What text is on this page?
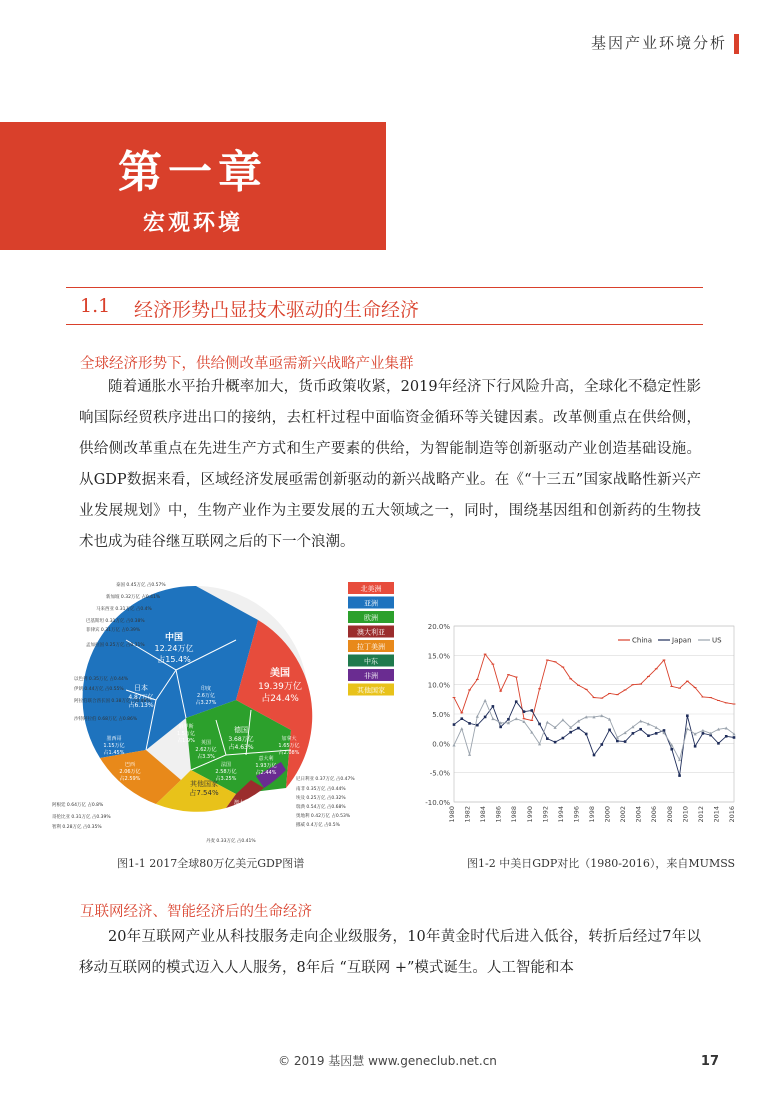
基因产业环境分析
第一章
宏观环境
1.1 经济形势凸显技术驱动的生命经济
全球经济形势下，供给侧改革亟需新兴战略产业集群

随着通胀水平抬升概率加大，货币政策收紧，2019年经济下行风险升高，全球化不稳定性影响国际经贸秩序进出口的接纳，去杠杆过程中面临资金循环等关键因素。改革侧重点在供给侧，供给侧改革重点在先进生产方式和生产要素的供给，为智能制造等创新驱动产业创造基础设施。从GDP数据来看，区域经济发展亟需创新驱动的新兴战略产业。在《“十三五”国家战略性新兴产业发展规划》中，生物产业作为主要发展的五大领域之一，同时，围绕基因组和创新药的生物技术也成为硅谷继互联网之后的下一个浪潮。

中国
12.24万亿
占15.4%
美国
19.39万亿
占24.4%
日本
4.87万亿
占6.13%
德国
3.68万亿
占4.63%
其他国家
占7.54%
印度
2.6万亿
占3.27%
英国
2.62万亿
占3.3%
法国
2.58万亿
占3.25%
巴西
2.06万亿
占2.59%
意大利
1.93万亿
占2.44%
加拿大
1.65万亿
占2.08%
俄罗斯
1.5万亿
占1.9%
澳大利亚
1.32万亿
占1.67%
墨西哥
1.15万亿
占1.45%
泰国 0.45万亿 占0.57%
新加坡 0.32万亿 占0.41%
马来西亚 0.31万亿 占0.4%
巴基斯坦 0.31万亿 占0.38%
菲律宾 0.31万亿 占0.39%
孟加拉国 0.25万亿 占0.31%
以色列 0.35万亿 占0.44%
伊朗 0.44万亿 占0.55%
阿拉伯联合酋长国 0.38万亿 占0.48%
沙特阿拉伯 0.68万亿 占0.86%
阿根廷 0.64万亿 占0.8%
哥伦比亚 0.31万亿 占0.39%
智利 0.28万亿 占0.35%
尼日利亚 0.37万亿 占0.47%
南非 0.35万亿 占0.44%
埃及 0.25万亿 占0.32%
瑞典 0.54万亿 占0.68%
奥地利 0.42万亿 占0.53%
挪威 0.4万亿 占0.5%
丹麦 0.33万亿 占0.41%
北美洲
亚洲
欧洲
澳大利亚
拉丁美洲
中东
非洲
其他国家
20.0%
15.0%
10.0%
5.0%
0.0%
-5.0%
-10.0%
1980 1982 1984 1986 1988 1990 1992 1994 1996 1998 2000 2002 2004 2006 2008 2010 2012 2014 2016
China	Japan	US
图1-1 2017全球80万亿美元GDP图谱	图1-2 中美日GDP对比（1980-2016），来自MUMSS
互联网经济、智能经济后的生命经济

20年互联网产业从科技服务走向企业级服务，10年黄金时代后进入低谷，转折后经过7年以移动互联网的模式迈入人人服务，8年后 “互联网 +”模式诞生。人工智能和本

© 2019 基因慧 www.geneclub.net.cn	17
